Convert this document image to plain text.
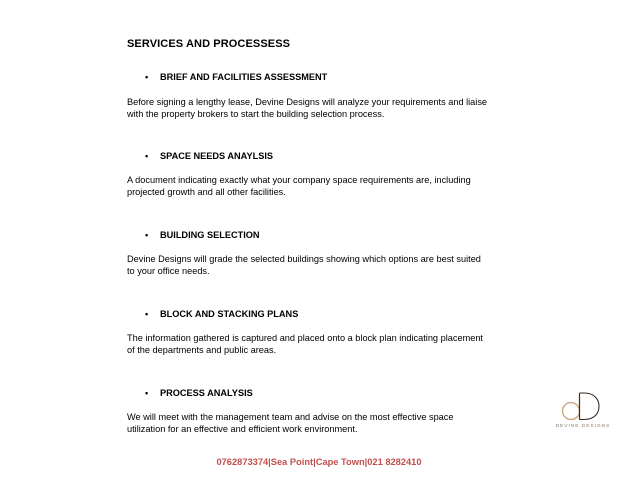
SERVICES AND PROCESSESS
• BRIEF AND FACILITIES ASSESSMENT
Before signing a lengthy lease, Devine Designs will analyze your requirements and liaise
with the property brokers to start the building selection process.
• SPACE NEEDS ANAYLSIS
A document indicating exactly what your company space requirements are, including
projected growth and all other facilities.
• BUILDING SELECTION
Devine Designs will grade the selected buildings showing which options are best suited
to your office needs.
• BLOCK AND STACKING PLANS
The information gathered is captured and placed onto a block plan indicating placement
of the departments and public areas.
• PROCESS ANALYSIS
We will meet with the management team and advise on the most effective space
utilization for an effective and efficient work environment.	DEVINE DESIGNS
0762873374|Sea Point|Cape Town|021 8282410
